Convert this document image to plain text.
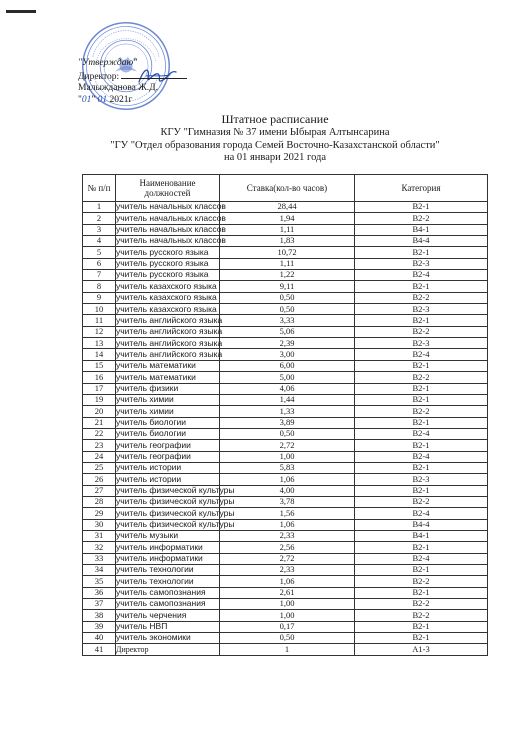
"Утверждаю"
Директор:
Малыжданова Ж.Д.
"01" 01 2021г
Штатное расписание
КГУ "Гимназия № 37 имени Ыбырая Алтынсарина
"ГУ "Отдел образования города Семей Восточно-Казахстанской области"
на 01 январи 2021 года
№ п/п	Наименование должностей	Ставка(кол-во часов)	Категория
1	учитель начальных классов	28,44	В2-1
2	учитель начальных классов	1,94	В2-2
3	учитель начальных классов	1,11	В4-1
4	учитель начальных классов	1,83	В4-4
5	учитель русского языка	10,72	В2-1
6	учитель русского языка	1,11	В2-3
7	учитель русского языка	1,22	В2-4
8	учитель казахского языка	9,11	В2-1
9	учитель казахского языка	0,50	В2-2
10	учитель казахского языка	0,50	В2-3
11	учитель английского языка	3,33	В2-1
12	учитель английского языка	5,06	В2-2
13	учитель английского языка	2,39	В2-3
14	учитель английского языка	3,00	В2-4
15	учитель математики	6,00	В2-1
16	учитель математики	5,00	В2-2
17	учитель физики	4,06	В2-1
19	учитель химии	1,44	В2-1
20	учитель химии	1,33	В2-2
21	учитель биологии	3,89	В2-1
22	учитель биологии	0,50	В2-4
23	учитель географии	2,72	В2-1
24	учитель географии	1,00	В2-4
25	учитель истории	5,83	В2-1
26	учитель истории	1,06	В2-3
27	учитель физической культуры	4,00	В2-1
28	учитель физической культуры	3,78	В2-2
29	учитель физической культуры	1,56	В2-4
30	учитель физической культуры	1,06	В4-4
31	учитель музыки	2,33	В4-1
32	учитель информатики	2,56	В2-1
33	учитель информатики	2,72	В2-4
34	учитель технологии	2,33	В2-1
35	учитель технологии	1,06	В2-2
36	учитель самопознания	2,61	В2-1
37	учитель самопознания	1,00	В2-2
38	учитель черчения	1,00	В2-2
39	учитель НВП	0,17	В2-1
40	учитель экономики	0,50	В2-1
41	Директор	1	А1-3
